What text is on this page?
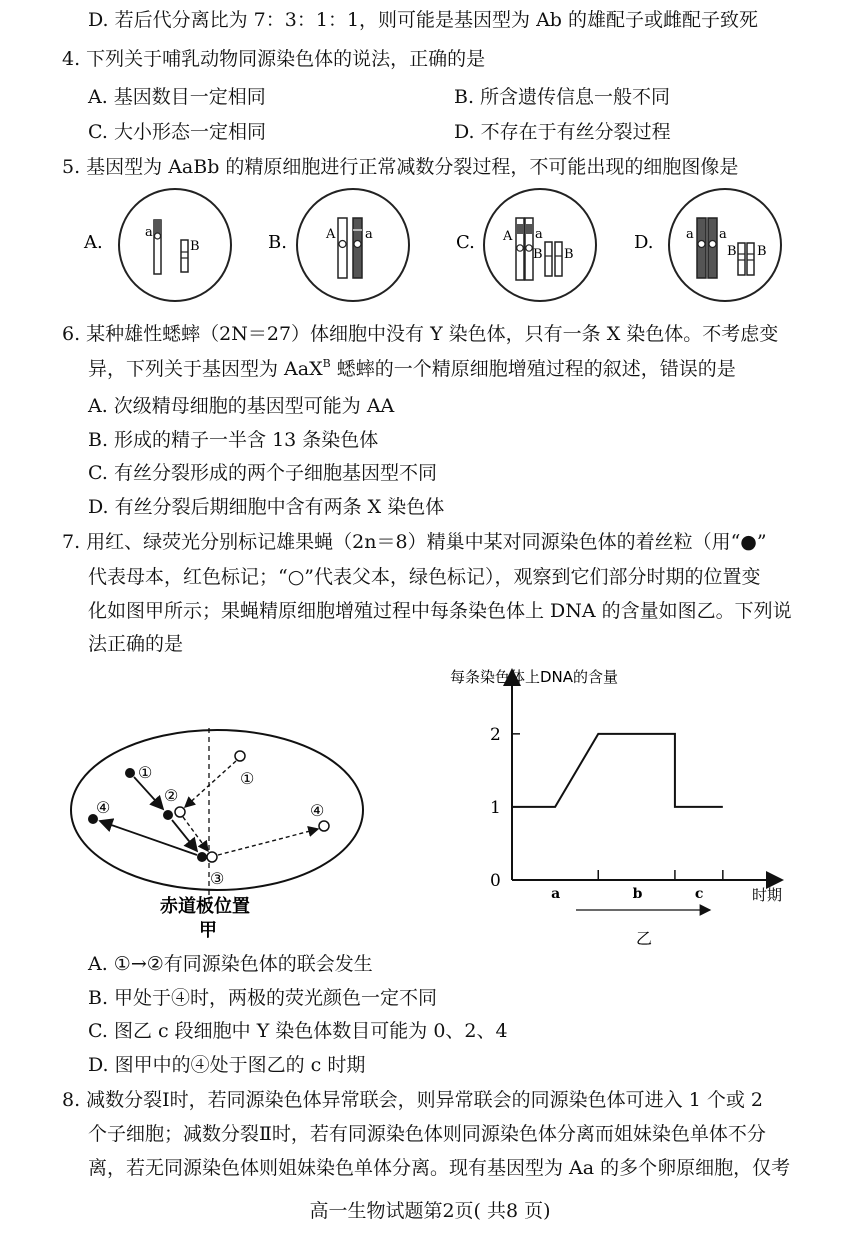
D. 若后代分离比为 7：3：1：1，则可能是基因型为 Ab 的雄配子或雌配子致死
4. 下列关于哺乳动物同源染色体的说法，正确的是
A. 基因数目一定相同	B. 所含遗传信息一般不同
C. 大小形态一定相同	D. 不存在于有丝分裂过程
5. 基因型为 AaBb 的精原细胞进行正常减数分裂过程，不可能出现的细胞图像是
A.	a
B	B.	A a	C. A a
B B
D. a a
B B
6. 某种雄性蟋蟀（2N＝27）体细胞中没有 Y 染色体，只有一条 X 染色体。不考虑变
异，下列关于基因型为 AaX$^B$ 蟋蟀的一个精原细胞增殖过程的叙述，错误的是
A. 次级精母细胞的基因型可能为 AA
B. 形成的精子一半含 13 条染色体
C. 有丝分裂形成的两个子细胞基因型不同
D. 有丝分裂后期细胞中含有两条 X 染色体
7. 用红、绿荧光分别标记雄果蝇（2n＝8）精巢中某对同源染色体的着丝粒（用“●”
代表母本，红色标记；“○”代表父本，绿色标记），观察到它们部分时期的位置变
化如图甲所示；果蝇精原细胞增殖过程中每条染色体上 DNA 的含量如图乙。下列说
法正确的是
①
④
①
②
③
④
赤道板位置
甲
每条染色体上DNA的含量
0
1
2
a	b	c	时期
乙
A. ①→②有同源染色体的联会发生
B. 甲处于④时，两极的荧光颜色一定不同
C. 图乙 c 段细胞中 Y 染色体数目可能为 0、2、4
D. 图甲中的④处于图乙的 c 时期
8. 减数分裂Ⅰ时，若同源染色体异常联会，则异常联会的同源染色体可进入 1 个或 2
个子细胞；减数分裂Ⅱ时，若有同源染色体则同源染色体分离而姐妹染色单体不分
离，若无同源染色体则姐妹染色单体分离。现有基因型为 Aa 的多个卵原细胞，仅考
高一生物试题第2页( 共8 页)
